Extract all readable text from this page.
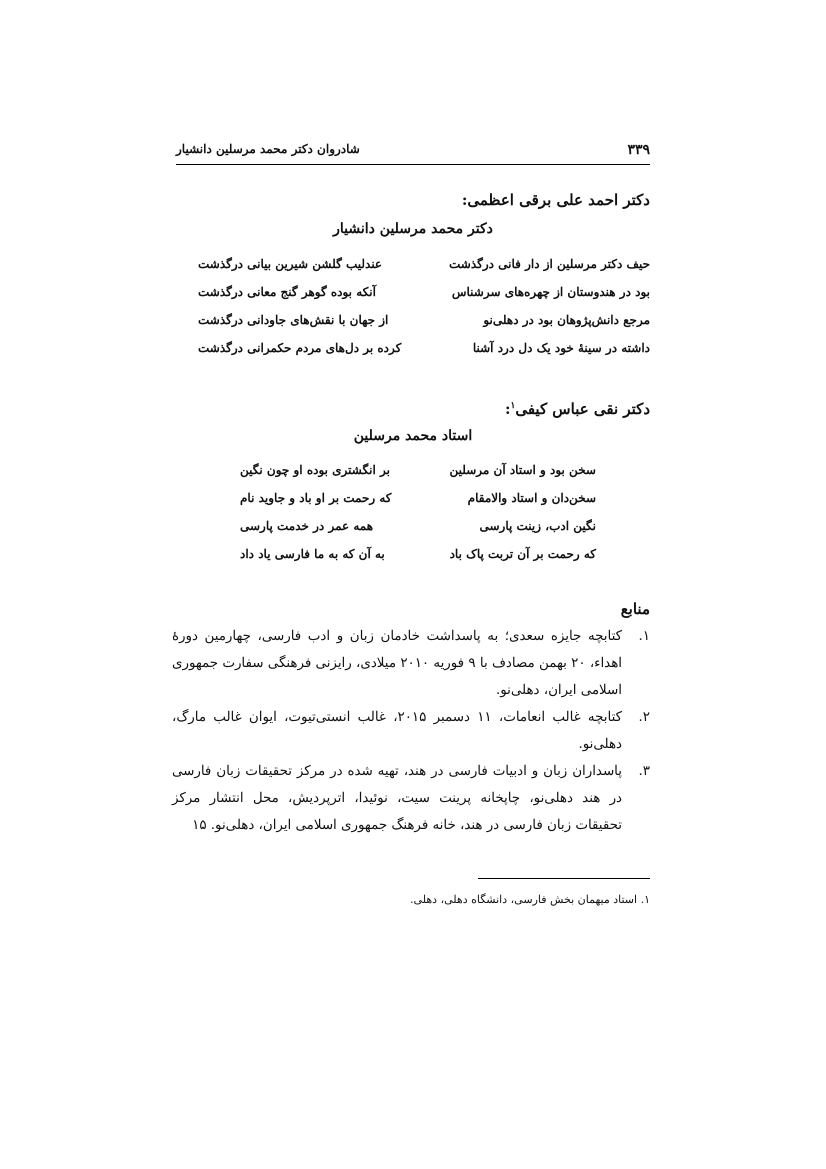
۳۳۹
شادروان دکتر محمد مرسلین دانشیار
دکتر احمد علی برقی اعظمی:
دکتر محمد مرسلین دانشیار
حیف دکتر مرسلین از دار فانی درگذشت
عندلیب گلشن شیرین بیانی درگذشت
بود در هندوستان از چهره‌های سرشناس
آنکه بوده گوهر گنج معانی درگذشت
مرجع دانش‌پژوهان بود در دهلی‌نو
از جهان با نقش‌های جاودانی درگذشت
داشته در سینهٔ خود یک دل درد آشنا
کرده بر دل‌های مردم حکمرانی درگذشت
دکتر نقی عباس کیفی$^۱$:
استاد محمد مرسلین
سخن بود و استاد آن مرسلین
بر انگشتری بوده او چون نگین
سخن‌دان و استاد والامقام
که رحمت بر او باد و جاوید نام
نگین ادب، زینت پارسی
همه عمر در خدمت پارسی
که رحمت بر آن تربت پاک باد
به آن که به ما فارسی یاد داد
منابع
۱.
کتابچه جایزه سعدی؛ به پاسداشت خادمان زبان و ادب فارسی، چهارمین دورهٔ اهداء، ۲۰ بهمن مصادف با ۹ فوریه ۲۰۱۰ میلادی، رایزنی فرهنگی سفارت جمهوری اسلامی ایران، دهلی‌نو.
۲.
کتابچه غالب انعامات، ۱۱ دسمبر ۲۰۱۵، غالب انستی‌تیوت، ایوان غالب مارگ، دهلی‌نو.
۳.
پاسداران زبان و ادبیات فارسی در هند، تهیه شده در مرکز تحقیقات زبان فارسی در هند دهلی‌نو، چاپخانه پرینت سیت، نوئیدا، اترپردیش، محل انتشار مرکز تحقیقات زبان فارسی در هند، خانه فرهنگ جمهوری اسلامی ایران، دهلی‌نو. ۱۵
۱. استاد میهمان بخش فارسی، دانشگاه دهلی، دهلی.
